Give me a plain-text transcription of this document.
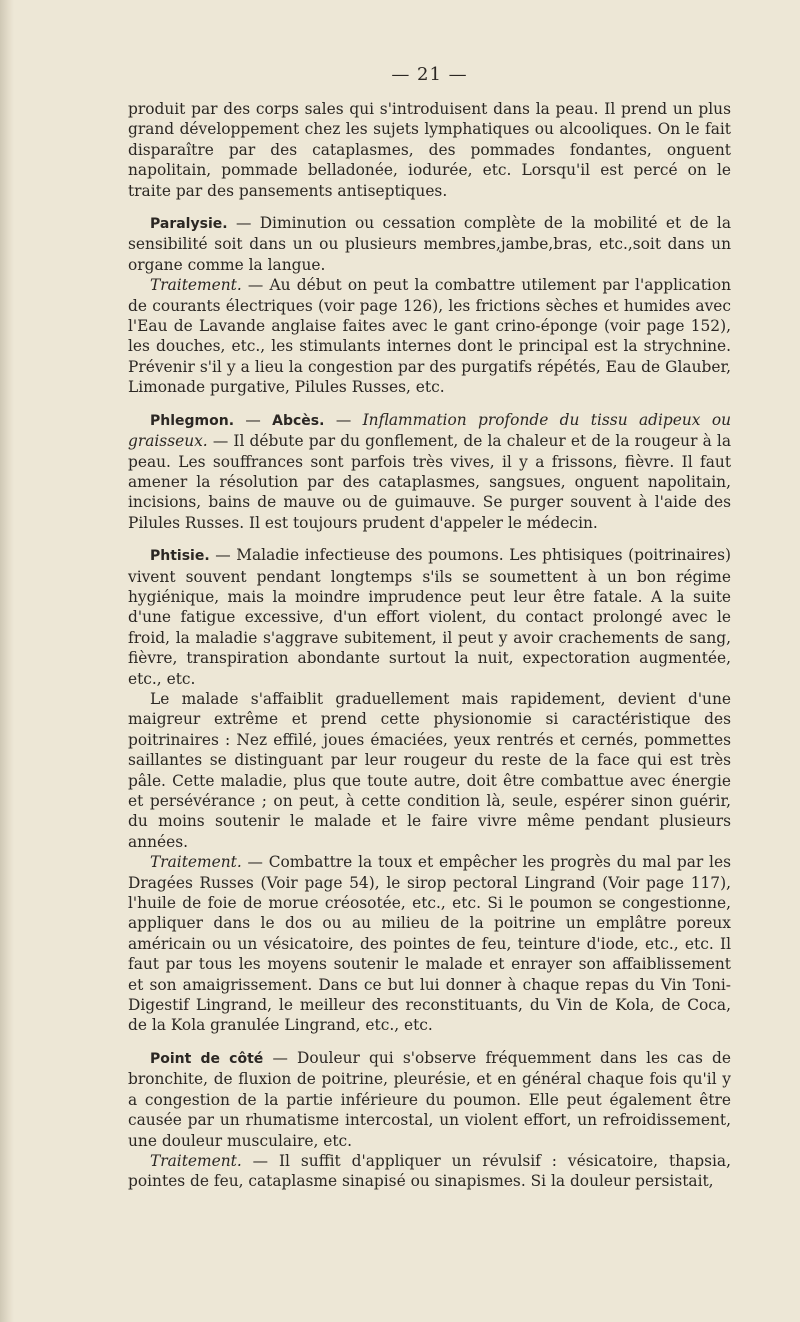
— 21 —

produit par des corps sales qui s'introduisent dans la peau. Il prend un plus grand développement chez les sujets lymphatiques ou alcooliques. On le fait disparaître par des cataplasmes, des pommades fondantes, onguent napolitain, pommade belladonée, iodurée, etc. Lorsqu'il est percé on le traite par des pansements antiseptiques.

Paralysie. — Diminution ou cessation complète de la mobilité et de la sensibilité soit dans un ou plusieurs membres,jambe,bras, etc.,soit dans un organe comme la langue.

Traitement. — Au début on peut la combattre utilement par l'application de courants électriques (voir page 126), les frictions sèches et humides avec l'Eau de Lavande anglaise faites avec le gant crino-éponge (voir page 152), les douches, etc., les stimulants internes dont le principal est la strychnine. Prévenir s'il y a lieu la congestion par des purgatifs répétés, Eau de Glauber, Limonade purgative, Pilules Russes, etc.

Phlegmon. — Abcès. — Inflammation profonde du tissu adipeux ou graisseux. — Il débute par du gonflement, de la chaleur et de la rougeur à la peau. Les souffrances sont parfois très vives, il y a frissons, fièvre. Il faut amener la résolution par des cataplasmes, sangsues, onguent napolitain, incisions, bains de mauve ou de guimauve. Se purger souvent à l'aide des Pilules Russes. Il est toujours prudent d'appeler le médecin.

Phtisie. — Maladie infectieuse des poumons. Les phtisiques (poitrinaires) vivent souvent pendant longtemps s'ils se soumettent à un bon régime hygiénique, mais la moindre imprudence peut leur être fatale. A la suite d'une fatigue excessive, d'un effort violent, du contact prolongé avec le froid, la maladie s'aggrave subitement, il peut y avoir crachements de sang, fièvre, transpiration abondante surtout la nuit, expectoration augmentée, etc., etc.

Le malade s'affaiblit graduellement mais rapidement, devient d'une maigreur extrême et prend cette physionomie si caractéristique des poitrinaires : Nez effilé, joues émaciées, yeux rentrés et cernés, pommettes saillantes se distinguant par leur rougeur du reste de la face qui est très pâle. Cette maladie, plus que toute autre, doit être combattue avec énergie et persévérance ; on peut, à cette condition là, seule, espérer sinon guérir, du moins soutenir le malade et le faire vivre même pendant plusieurs années.

Traitement. — Combattre la toux et empêcher les progrès du mal par les Dragées Russes (Voir page 54), le sirop pectoral Lingrand (Voir page 117), l'huile de foie de morue créosotée, etc., etc. Si le poumon se congestionne, appliquer dans le dos ou au milieu de la poitrine un emplâtre poreux américain ou un vésicatoire, des pointes de feu, teinture d'iode, etc., etc. Il faut par tous les moyens soutenir le malade et enrayer son affaiblissement et son amaigrissement. Dans ce but lui donner à chaque repas du Vin Toni-Digestif Lingrand, le meilleur des reconstituants, du Vin de Kola, de Coca, de la Kola granulée Lingrand, etc., etc.

Point de côté — Douleur qui s'observe fréquemment dans les cas de bronchite, de fluxion de poitrine, pleurésie, et en général chaque fois qu'il y a congestion de la partie inférieure du poumon. Elle peut également être causée par un rhumatisme intercostal, un violent effort, un refroidissement, une douleur musculaire, etc.

Traitement. — Il suffit d'appliquer un révulsif : vésicatoire, thapsia, pointes de feu, cataplasme sinapisé ou sinapismes. Si la douleur persistait,
